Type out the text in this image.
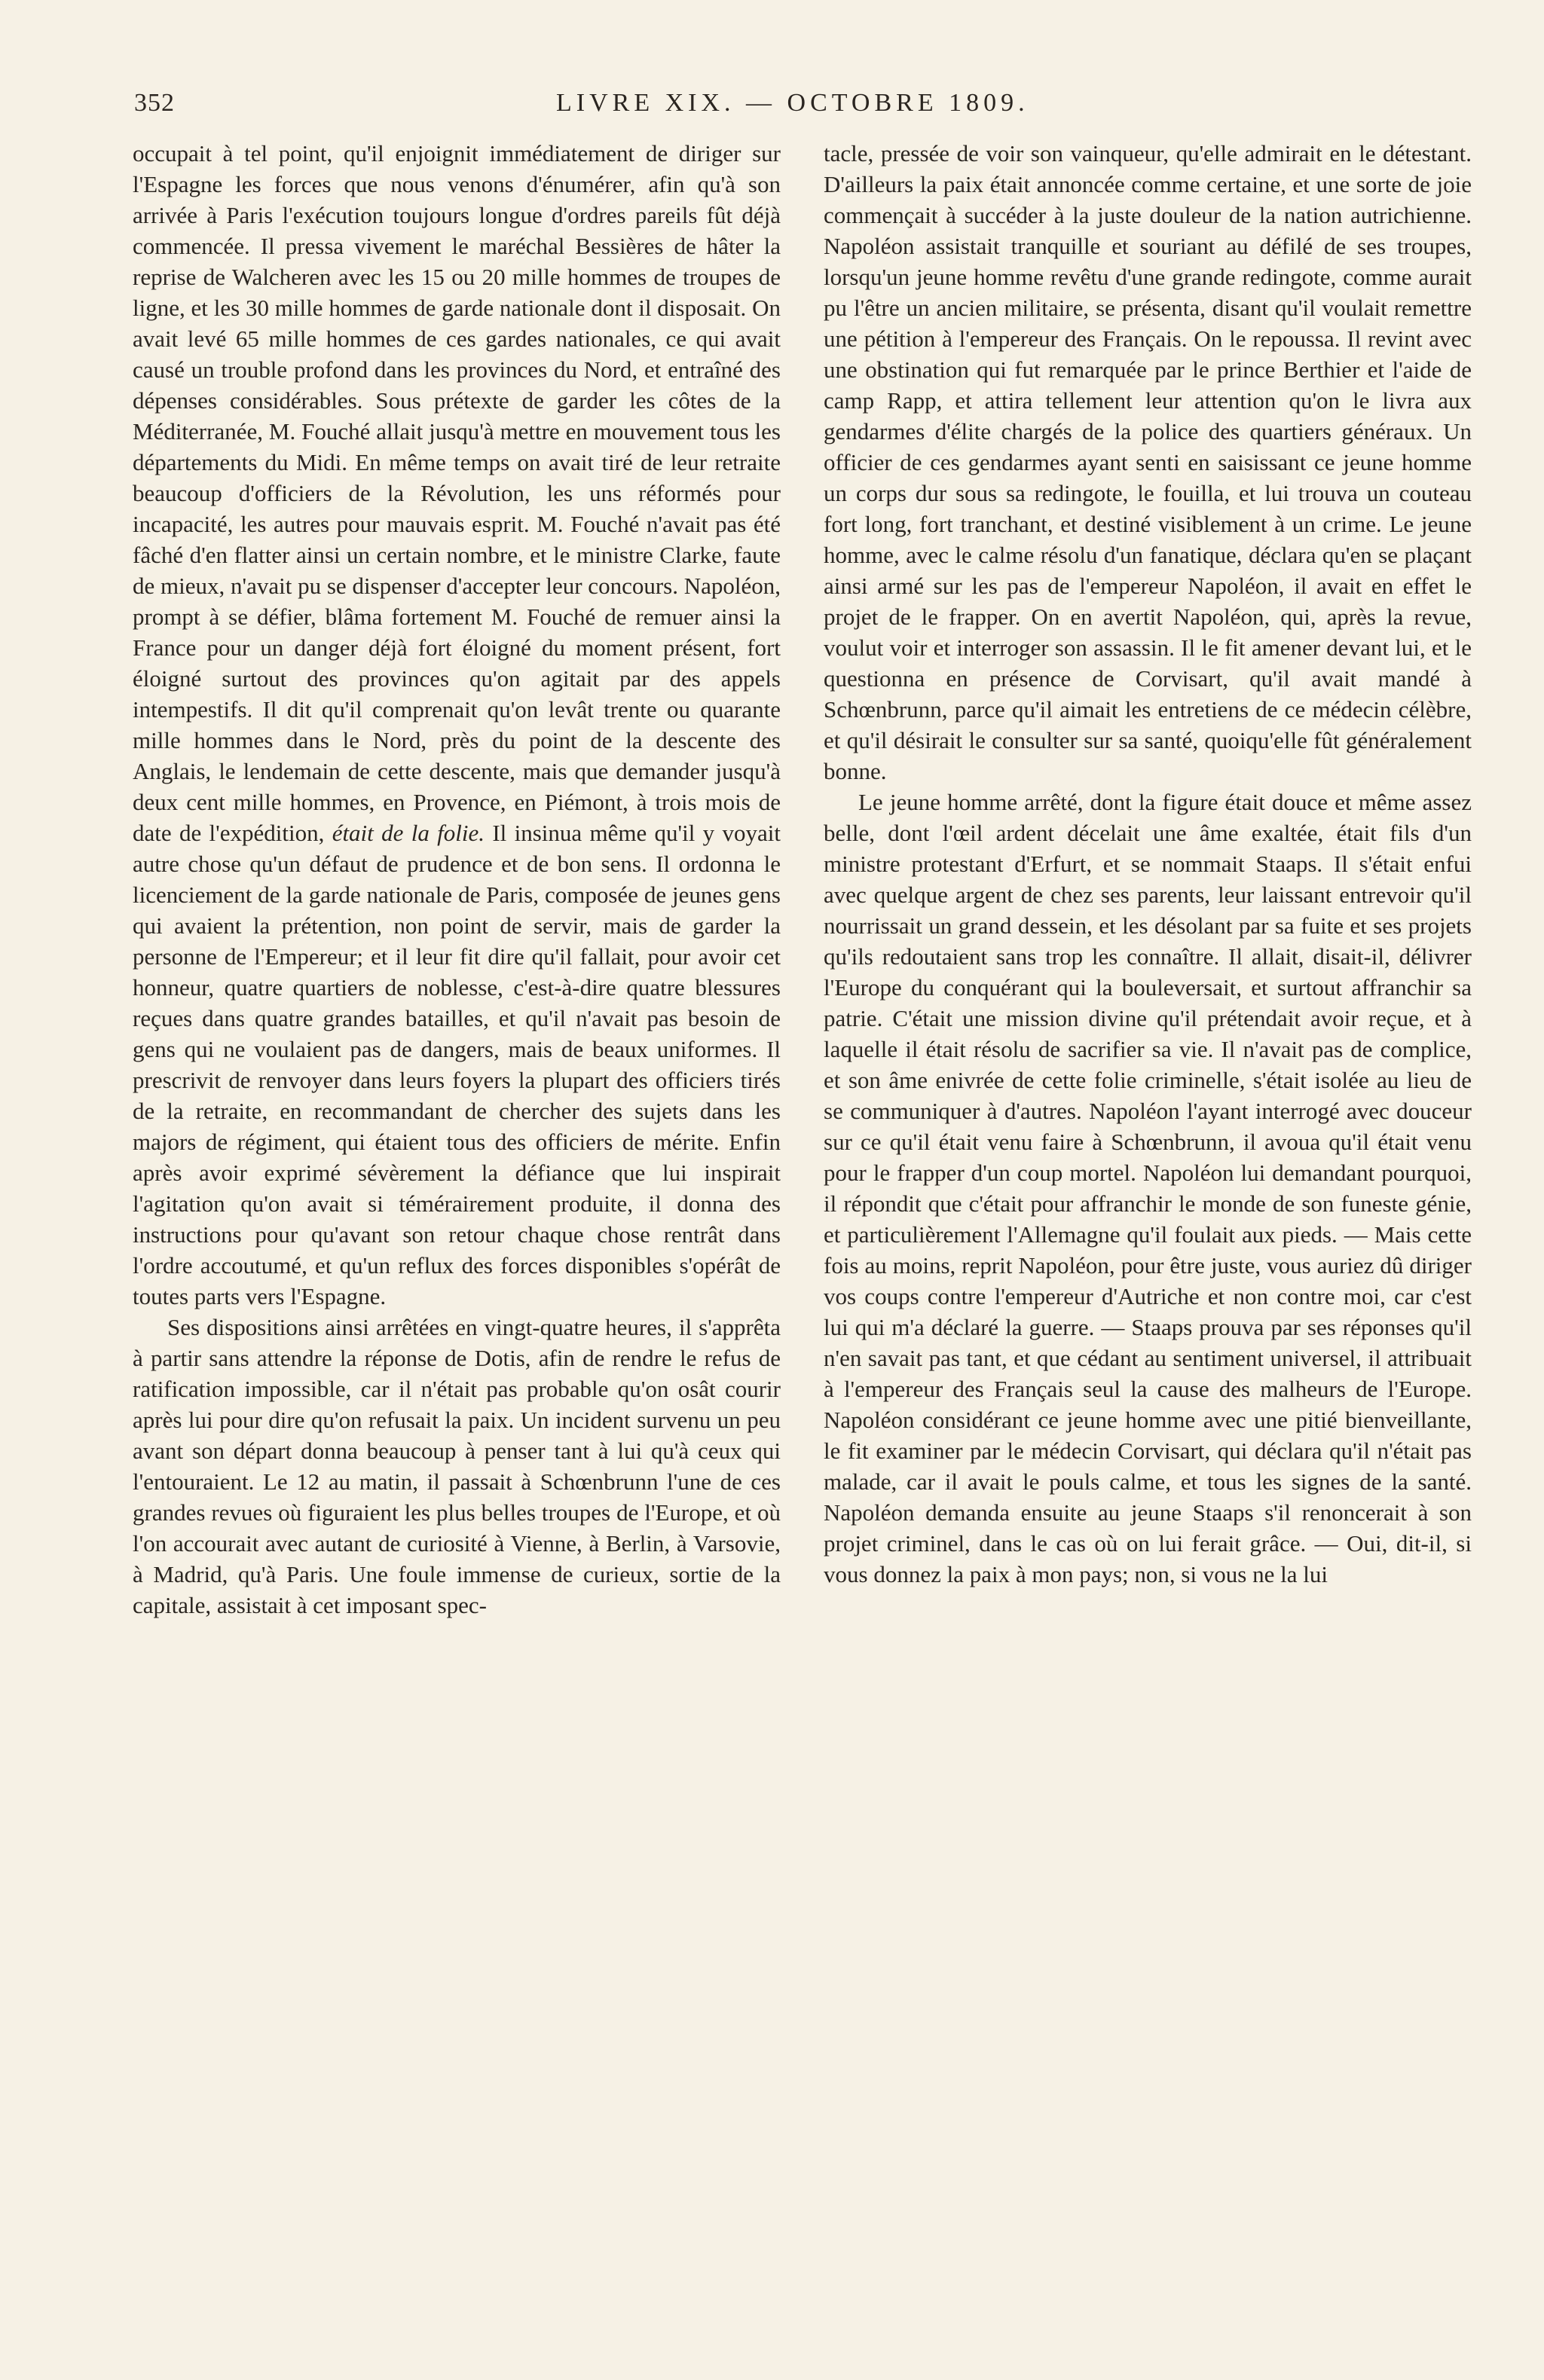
352	LIVRE XIX. — OCTOBRE 1809.

occupait à tel point, qu'il enjoignit immédiatement de diriger sur l'Espagne les forces que nous venons d'énumérer, afin qu'à son arrivée à Paris l'exécution toujours longue d'ordres pareils fût déjà commencée. Il pressa vivement le maréchal Bessières de hâter la reprise de Walcheren avec les 15 ou 20 mille hommes de troupes de ligne, et les 30 mille hommes de garde nationale dont il disposait. On avait levé 65 mille hommes de ces gardes nationales, ce qui avait causé un trouble profond dans les provinces du Nord, et entraîné des dépenses considérables. Sous prétexte de garder les côtes de la Méditerranée, M. Fouché allait jusqu'à mettre en mouvement tous les départements du Midi. En même temps on avait tiré de leur retraite beaucoup d'officiers de la Révolution, les uns réformés pour incapacité, les autres pour mauvais esprit. M. Fouché n'avait pas été fâché d'en flatter ainsi un certain nombre, et le ministre Clarke, faute de mieux, n'avait pu se dispenser d'accepter leur concours. Napoléon, prompt à se défier, blâma fortement M. Fouché de remuer ainsi la France pour un danger déjà fort éloigné du moment présent, fort éloigné surtout des provinces qu'on agitait par des appels intempestifs. Il dit qu'il comprenait qu'on levât trente ou quarante mille hommes dans le Nord, près du point de la descente des Anglais, le lendemain de cette descente, mais que demander jusqu'à deux cent mille hommes, en Provence, en Piémont, à trois mois de date de l'expédition, était de la folie. Il insinua même qu'il y voyait autre chose qu'un défaut de prudence et de bon sens. Il ordonna le licenciement de la garde nationale de Paris, composée de jeunes gens qui avaient la prétention, non point de servir, mais de garder la personne de l'Empereur; et il leur fit dire qu'il fallait, pour avoir cet honneur, quatre quartiers de noblesse, c'est-à-dire quatre blessures reçues dans quatre grandes batailles, et qu'il n'avait pas besoin de gens qui ne voulaient pas de dangers, mais de beaux uniformes. Il prescrivit de renvoyer dans leurs foyers la plupart des officiers tirés de la retraite, en recommandant de chercher des sujets dans les majors de régiment, qui étaient tous des officiers de mérite. Enfin après avoir exprimé sévèrement la défiance que lui inspirait l'agitation qu'on avait si témérairement produite, il donna des instructions pour qu'avant son retour chaque chose rentrât dans l'ordre accoutumé, et qu'un reflux des forces disponibles s'opérât de toutes parts vers l'Espagne.

Ses dispositions ainsi arrêtées en vingt-quatre heures, il s'apprêta à partir sans attendre la réponse de Dotis, afin de rendre le refus de ratification impossible, car il n'était pas probable qu'on osât courir après lui pour dire qu'on refusait la paix. Un incident survenu un peu avant son départ donna beaucoup à penser tant à lui qu'à ceux qui l'entouraient. Le 12 au matin, il passait à Schœnbrunn l'une de ces grandes revues où figuraient les plus belles troupes de l'Europe, et où l'on accourait avec autant de curiosité à Vienne, à Berlin, à Varsovie, à Madrid, qu'à Paris. Une foule immense de curieux, sortie de la capitale, assistait à cet imposant spec-

tacle, pressée de voir son vainqueur, qu'elle admirait en le détestant. D'ailleurs la paix était annoncée comme certaine, et une sorte de joie commençait à succéder à la juste douleur de la nation autrichienne. Napoléon assistait tranquille et souriant au défilé de ses troupes, lorsqu'un jeune homme revêtu d'une grande redingote, comme aurait pu l'être un ancien militaire, se présenta, disant qu'il voulait remettre une pétition à l'empereur des Français. On le repoussa. Il revint avec une obstination qui fut remarquée par le prince Berthier et l'aide de camp Rapp, et attira tellement leur attention qu'on le livra aux gendarmes d'élite chargés de la police des quartiers généraux. Un officier de ces gendarmes ayant senti en saisissant ce jeune homme un corps dur sous sa redingote, le fouilla, et lui trouva un couteau fort long, fort tranchant, et destiné visiblement à un crime. Le jeune homme, avec le calme résolu d'un fanatique, déclara qu'en se plaçant ainsi armé sur les pas de l'empereur Napoléon, il avait en effet le projet de le frapper. On en avertit Napoléon, qui, après la revue, voulut voir et interroger son assassin. Il le fit amener devant lui, et le questionna en présence de Corvisart, qu'il avait mandé à Schœnbrunn, parce qu'il aimait les entretiens de ce médecin célèbre, et qu'il désirait le consulter sur sa santé, quoiqu'elle fût généralement bonne.

Le jeune homme arrêté, dont la figure était douce et même assez belle, dont l'œil ardent décelait une âme exaltée, était fils d'un ministre protestant d'Erfurt, et se nommait Staaps. Il s'était enfui avec quelque argent de chez ses parents, leur laissant entrevoir qu'il nourrissait un grand dessein, et les désolant par sa fuite et ses projets qu'ils redoutaient sans trop les connaître. Il allait, disait-il, délivrer l'Europe du conquérant qui la bouleversait, et surtout affranchir sa patrie. C'était une mission divine qu'il prétendait avoir reçue, et à laquelle il était résolu de sacrifier sa vie. Il n'avait pas de complice, et son âme enivrée de cette folie criminelle, s'était isolée au lieu de se communiquer à d'autres. Napoléon l'ayant interrogé avec douceur sur ce qu'il était venu faire à Schœnbrunn, il avoua qu'il était venu pour le frapper d'un coup mortel. Napoléon lui demandant pourquoi, il répondit que c'était pour affranchir le monde de son funeste génie, et particulièrement l'Allemagne qu'il foulait aux pieds. — Mais cette fois au moins, reprit Napoléon, pour être juste, vous auriez dû diriger vos coups contre l'empereur d'Autriche et non contre moi, car c'est lui qui m'a déclaré la guerre. — Staaps prouva par ses réponses qu'il n'en savait pas tant, et que cédant au sentiment universel, il attribuait à l'empereur des Français seul la cause des malheurs de l'Europe. Napoléon considérant ce jeune homme avec une pitié bienveillante, le fit examiner par le médecin Corvisart, qui déclara qu'il n'était pas malade, car il avait le pouls calme, et tous les signes de la santé. Napoléon demanda ensuite au jeune Staaps s'il renoncerait à son projet criminel, dans le cas où on lui ferait grâce. — Oui, dit-il, si vous donnez la paix à mon pays; non, si vous ne la lui
